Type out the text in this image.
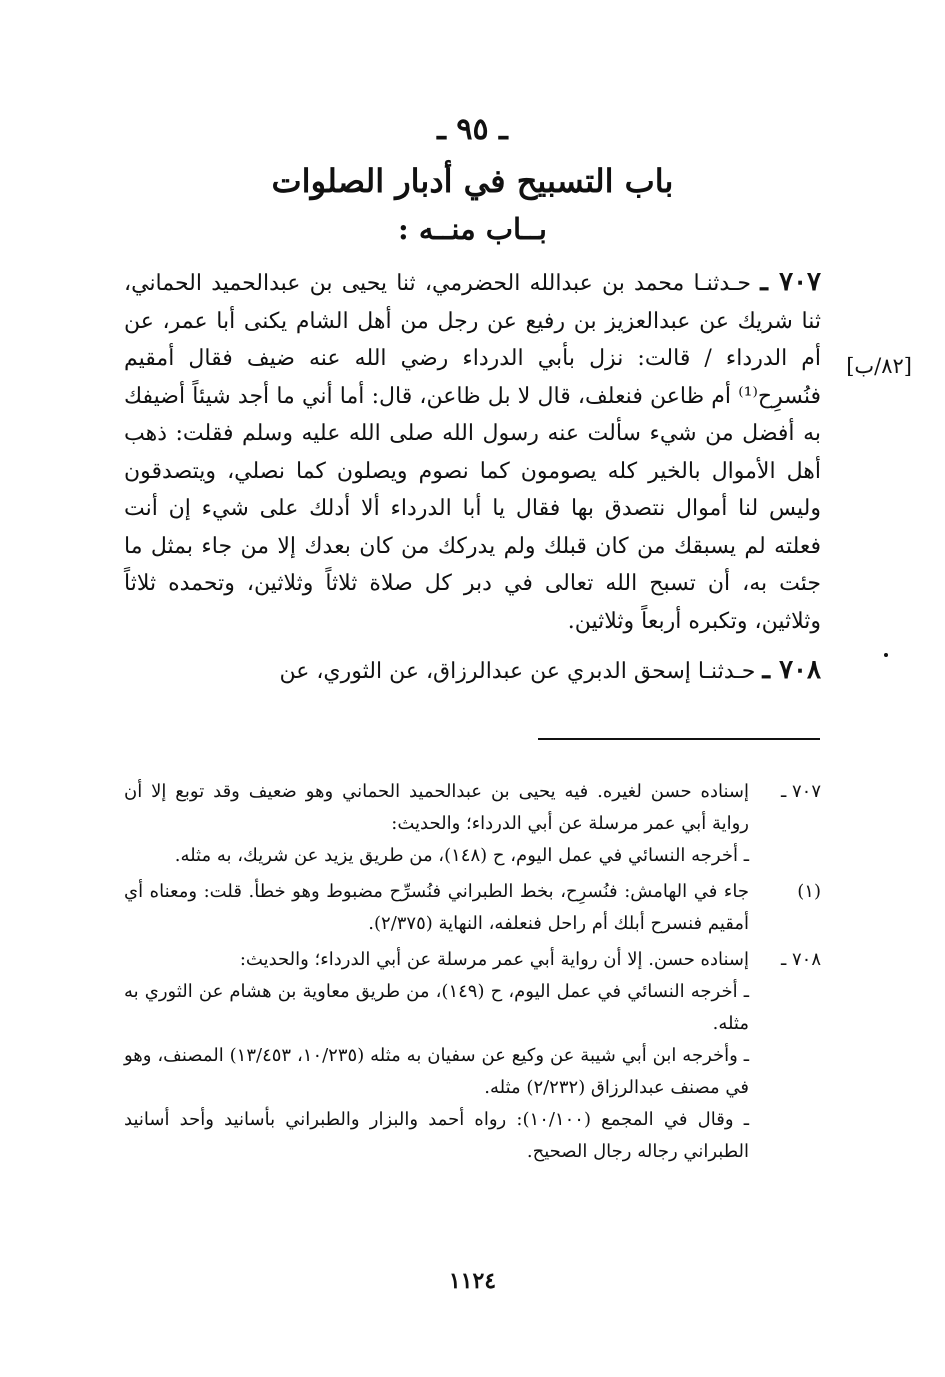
ـ ٩٥ ـ
باب التسبيح في أدبار الصلوات
بــاب منــه :
[٨٢/ب]

٧٠٧ ـ حـدثنـا محمد بن عبدالله الحضرمي، ثنا يحيى بن عبدالحميد الحماني، ثنا شريك عن عبدالعزيز بن رفيع عن رجل من أهل الشام يكنى أبا عمر، عن أم الدرداء / قالت: نزل بأبي الدرداء رضي الله عنه ضيف فقال أمقيم فنُسرِح⁽¹⁾ أم ظاعن فنعلف، قال لا بل ظاعن، قال: أما أني ما أجد شيئاً أضيفك به أفضل من شيء سألت عنه رسول الله صلى الله عليه وسلم فقلت: ذهب أهل الأموال بالخير كله يصومون كما نصوم ويصلون كما نصلي، ويتصدقون وليس لنا أموال نتصدق بها فقال يا أبا الدرداء ألا أدلك على شيء إن أنت فعلته لم يسبقك من كان قبلك ولم يدركك من كان بعدك إلا من جاء بمثل ما جئت به، أن تسبح الله تعالى في دبر كل صلاة ثلاثاً وثلاثين، وتحمده ثلاثاً وثلاثين، وتكبره أربعاً وثلاثين.

٧٠٨ ـ حـدثنـا إسحق الدبري عن عبدالرزاق، عن الثوري، عن

٧٠٧ ـ

إسناده حسن لغيره. فيه يحيى بن عبدالحميد الحماني وهو ضعيف وقد توبع إلا أن رواية أبي عمر مرسلة عن أبي الدرداء؛ والحديث:

ـ أخرجه النسائي في عمل اليوم، ح (١٤٨)، من طريق يزيد عن شريك، به مثله.

(١)

جاء في الهامش: فنُسرِح، بخط الطبراني فنُسرِّح مضبوط وهو خطأ. قلت: ومعناه أي أمقيم فنسرح أبلك أم راحل فنعلفه، النهاية (٢/٣٧٥).

٧٠٨ ـ

إسناده حسن. إلا أن رواية أبي عمر مرسلة عن أبي الدرداء؛ والحديث:

ـ أخرجه النسائي في عمل اليوم، ح (١٤٩)، من طريق معاوية بن هشام عن الثوري به مثله.

ـ وأخرجه ابن أبي شيبة عن وكيع عن سفيان به مثله (١٠/٢٣٥، ١٣/٤٥٣) المصنف، وهو في مصنف عبدالرزاق (٢/٢٣٢) مثله.

ـ وقال في المجمع (١٠/١٠٠): رواه أحمد والبزار والطبراني بأسانيد وأحد أسانيد الطبراني رجاله رجال الصحيح.

١١٢٤
